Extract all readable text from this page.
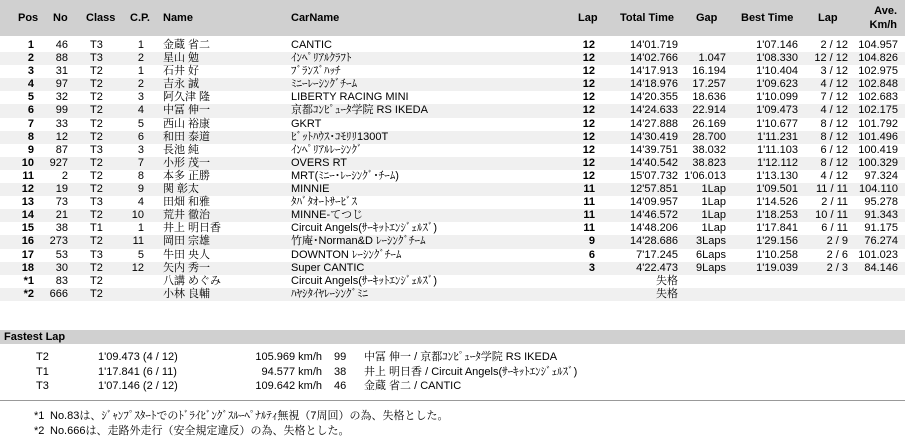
Pos No Class C.P. Name	CarName	Lap Total Time Gap Best Time Lap
Ave.
Km/h
1	46 T3	1 金蔵 省二	CANTIC	12	14'01.719	1'07.146	2 / 12 104.957
2	88 T3	2 星山 勉	ｲﾝﾍﾟﾘｱﾙｸﾗﾌﾄ	12	14'02.766	1.047	1'08.330	12 / 12 104.826
3	31 T2	1 石井 好	ﾌﾞﾗﾝｽﾞﾊｯﾁ	12	14'17.913	16.194	1'10.404	3 / 12 102.975
4	97 T2	2 吉永 誠	ﾐﾆｰﾚｰｼﾝｸﾞﾁｰﾑ	12	14'18.976	17.257	1'09.623	4 / 12 102.848
5	32 T2	3 阿久津 隆	LIBERTY RACING MINI	12	14'20.355	18.636	1'10.099	7 / 12 102.683
6	99 T2	4 中冨 伸一	京都ｺﾝﾋﾟｭｰﾀ学院 RS IKEDA	12	14'24.633	22.914	1'09.473	4 / 12 102.175
7	33 T2	5 西山 裕康	GKRT	12	14'27.888	26.169	1'10.677	8 / 12 101.792
8	12 T2	6 和田 泰道	ﾋﾞｯﾄﾊｳｽ･ｺﾓﾘﾘ1300T	12	14'30.419	28.700	1'11.231	8 / 12 101.496
9	87 T3	3 長池 純	ｲﾝﾍﾟﾘｱﾙﾚｰｼﾝｸﾞ	12	14'39.751	38.032	1'11.103	6 / 12 100.419
10	927 T2	7 小形 茂一	OVERS RT	12	14'40.542	38.823	1'12.112	8 / 12 100.329
11	2 T2	8 本多 正勝	MRT(ﾐﾆｰ･ﾚｰｼﾝｸﾞ･ﾁｰﾑ)	12	15'07.732 1'06.013	1'13.130	4 / 12	97.324
12	19 T2	9 関 彰太	MINNIE	11	12'57.851	1Lap	1'09.501	11 / 11	104.110
13	73 T3	4 田畑 和雅	ﾀﾊﾞﾀｵｰﾄｻｰﾋﾞｽ	11	14'09.957	1Lap	1'14.526	2 / 11	95.278
14	21 T2	10 荒井 徹治	MINNE-てつじ	11	14'46.572	1Lap	1'18.253	10 / 11	91.343
15	38 T1	1 井上 明日香	Circuit Angels(ｻｰｷｯﾄｴﾝｼﾞｪﾙｽﾞ)	11	14'48.206	1Lap	1'17.841	6 / 11	91.175
16	273 T2	11 岡田 宗雄	竹庵･Norman&D ﾚｰｼﾝｸﾞﾁｰﾑ	9	14'28.686	3Laps	1'29.156	2 / 9	76.274
17	53 T3	5 牛田 央人	DOWNTON ﾚｰｼﾝｸﾞﾁｰﾑ	6	7'17.245	6Laps	1'10.258	2 / 6 101.023
18	30 T2	12 矢内 秀一	Super CANTIC	3	4'22.473	9Laps	1'19.039	2 / 3	84.146
*1	83 T2	八講 めぐみ	Circuit Angels(ｻｰｷｯﾄｴﾝｼﾞｪﾙｽﾞ)	失格
*2	666 T2	小林 良輔	ﾊﾔｼﾀｲﾔﾚｰｼﾝｸﾞﾐﾆ	失格
Fastest Lap
T2	1'09.473 (4 / 12)	105.969 km/h 99	中冨 伸一 / 京都ｺﾝﾋﾟｭｰﾀ学院 RS IKEDA
T1	1'17.841 (6 / 11)	94.577 km/h 38	井上 明日香 / Circuit Angels(ｻｰｷｯﾄｴﾝｼﾞｪﾙｽﾞ)
T3	1'07.146 (2 / 12)	109.642 km/h 46	金蔵 省二 / CANTIC
*1 No.83は、ｼﾞｬﾝﾌﾟｽﾀｰﾄでのﾄﾞﾗｲﾋﾞﾝｸﾞｽﾙｰﾍﾟﾅﾙﾃｨ無視（7周回）の為、失格とした。
*2 No.666は、走路外走行（安全規定違反）の為、失格とした。
